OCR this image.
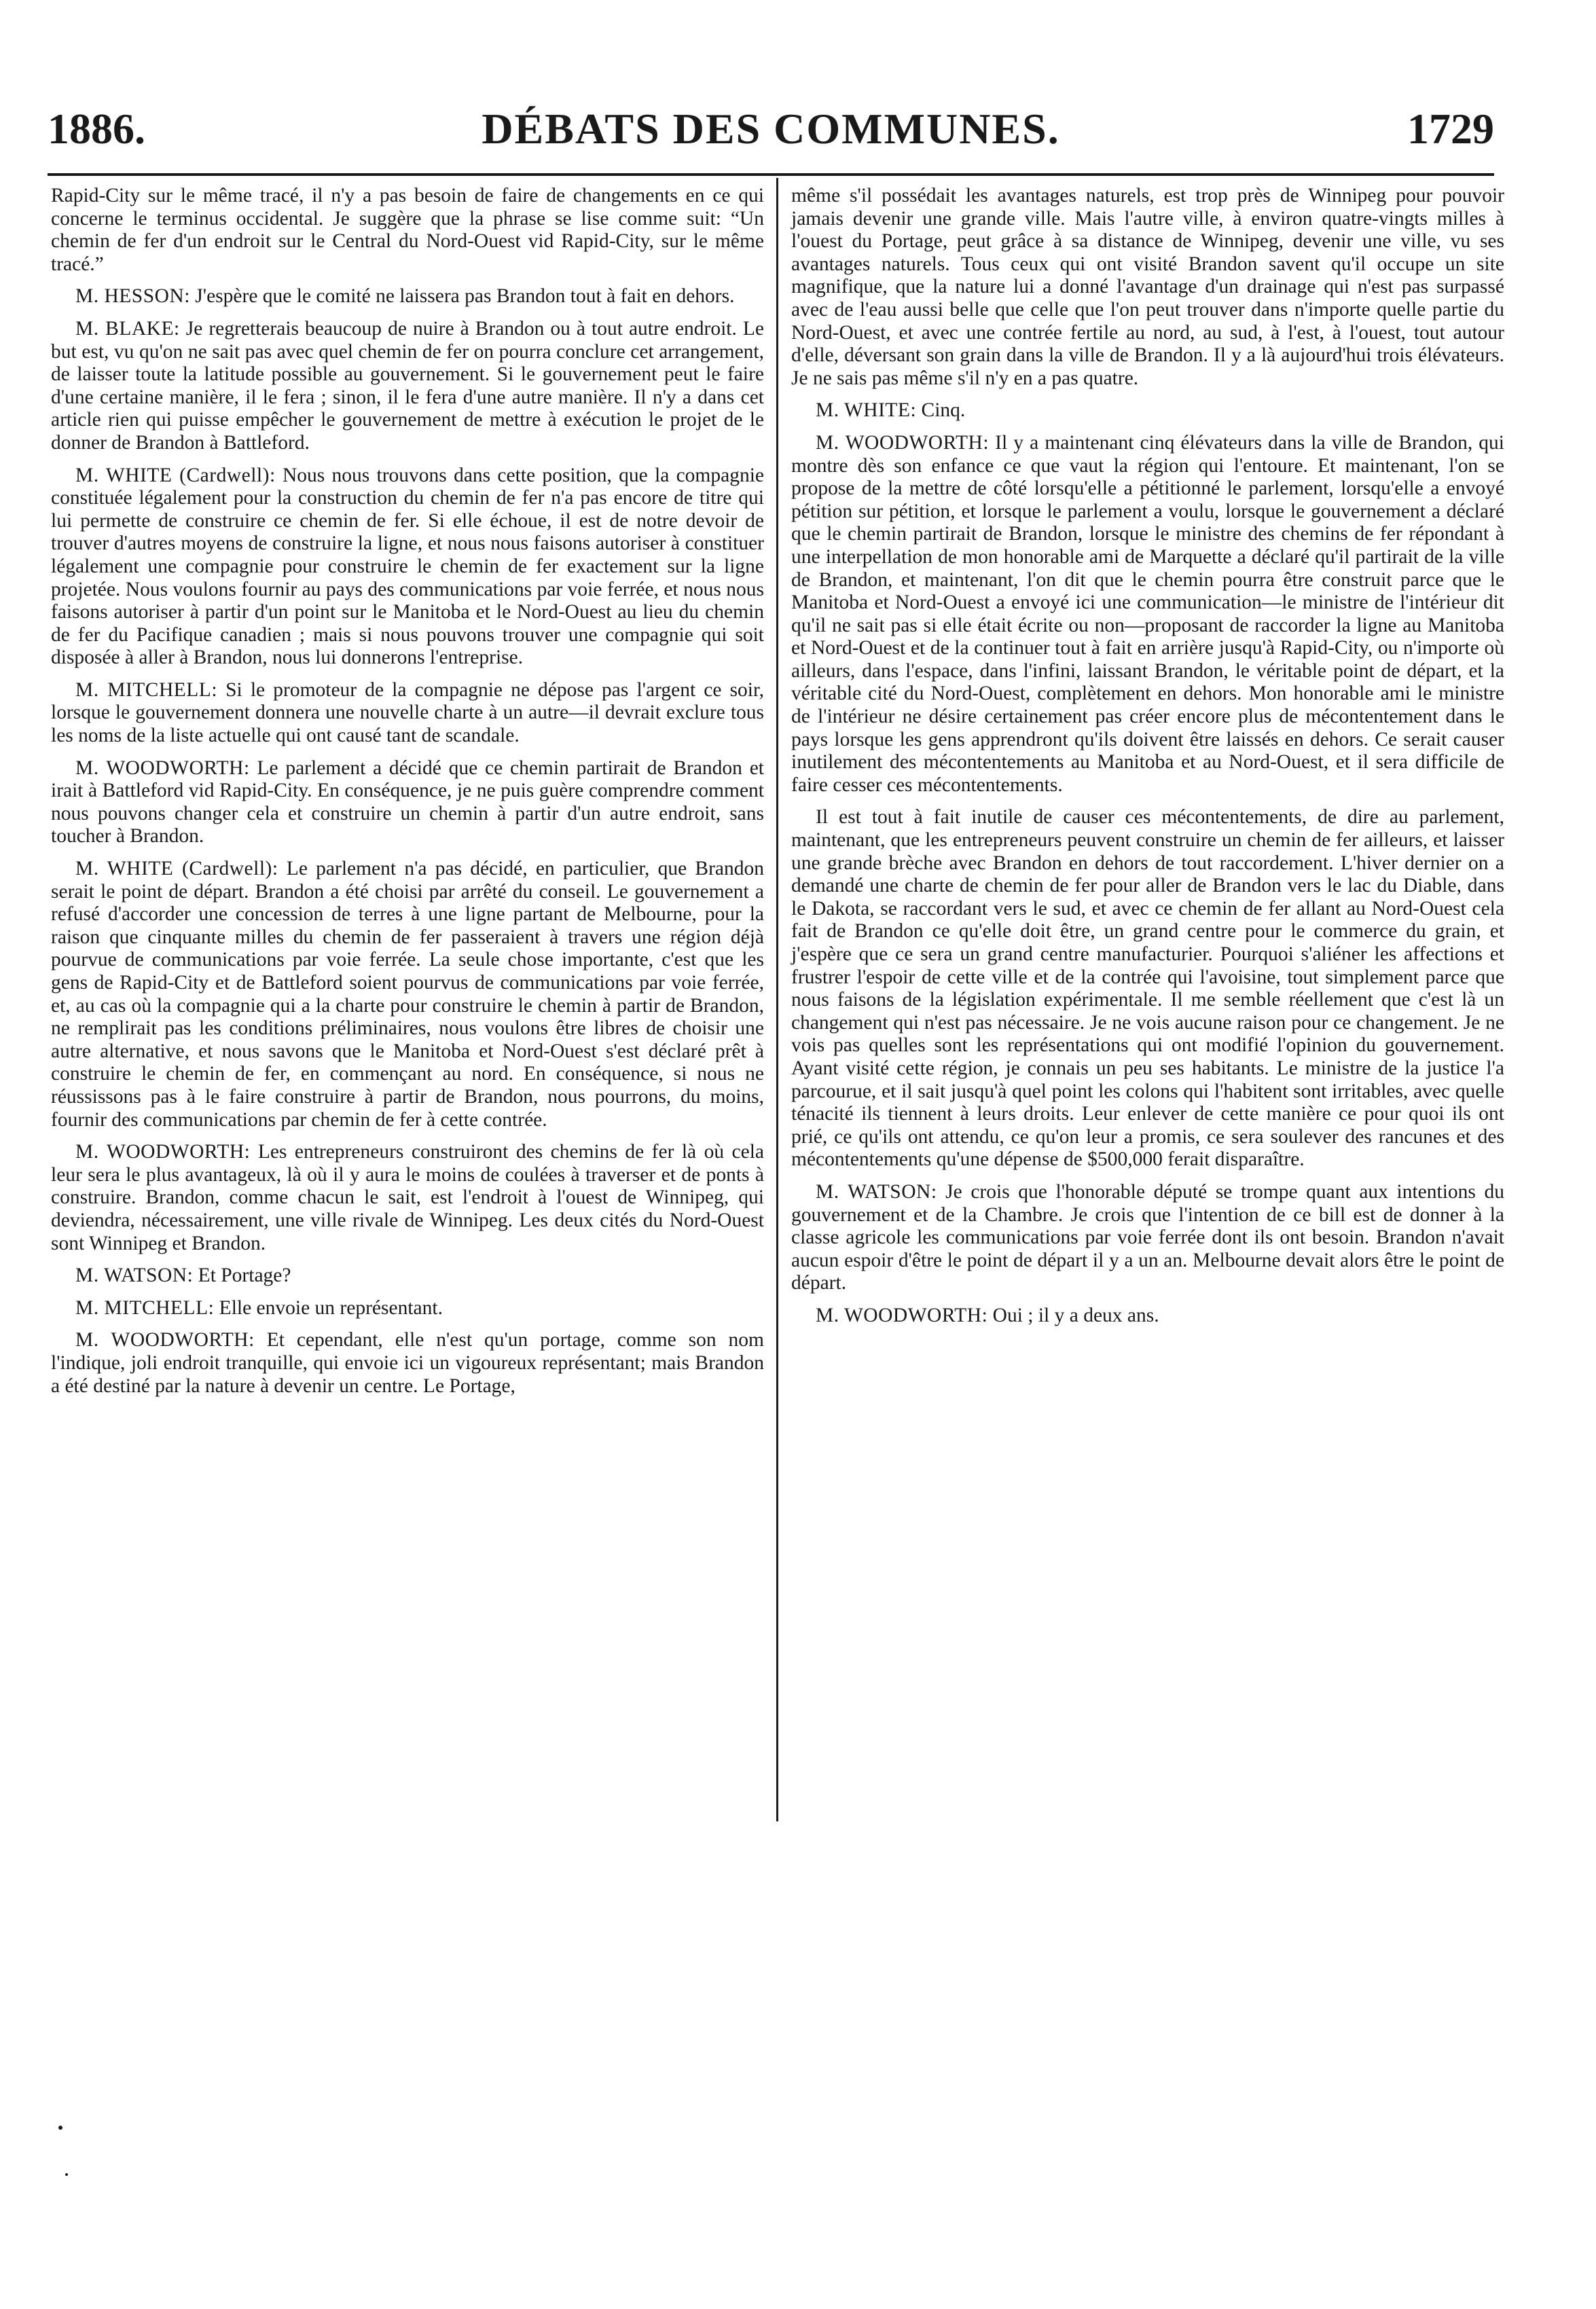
1886.	DÉBATS DES COMMUNES.	1729

Rapid-City sur le même tracé, il n'y a pas besoin de faire de changements en ce qui concerne le terminus occidental. Je suggère que la phrase se lise comme suit: “Un chemin de fer d'un endroit sur le Central du Nord-Ouest vid Rapid-City, sur le même tracé.”

M. HESSON: J'espère que le comité ne laissera pas Brandon tout à fait en dehors.

M. BLAKE: Je regretterais beaucoup de nuire à Brandon ou à tout autre endroit. Le but est, vu qu'on ne sait pas avec quel chemin de fer on pourra conclure cet arrangement, de laisser toute la latitude possible au gouvernement. Si le gouvernement peut le faire d'une certaine manière, il le fera ; sinon, il le fera d'une autre manière. Il n'y a dans cet article rien qui puisse empêcher le gouvernement de mettre à exécution le projet de le donner de Brandon à Battleford.

M. WHITE (Cardwell): Nous nous trouvons dans cette position, que la compagnie constituée légalement pour la construction du chemin de fer n'a pas encore de titre qui lui permette de construire ce chemin de fer. Si elle échoue, il est de notre devoir de trouver d'autres moyens de construire la ligne, et nous nous faisons autoriser à constituer légalement une compagnie pour construire le chemin de fer exactement sur la ligne projetée. Nous voulons fournir au pays des communications par voie ferrée, et nous nous faisons autoriser à partir d'un point sur le Manitoba et le Nord-Ouest au lieu du chemin de fer du Pacifique canadien ; mais si nous pouvons trouver une compagnie qui soit disposée à aller à Brandon, nous lui donnerons l'entreprise.

M. MITCHELL: Si le promoteur de la compagnie ne dépose pas l'argent ce soir, lorsque le gouvernement donnera une nouvelle charte à un autre—il devrait exclure tous les noms de la liste actuelle qui ont causé tant de scandale.

M. WOODWORTH: Le parlement a décidé que ce chemin partirait de Brandon et irait à Battleford vid Rapid-City. En conséquence, je ne puis guère comprendre comment nous pouvons changer cela et construire un chemin à partir d'un autre endroit, sans toucher à Brandon.

M. WHITE (Cardwell): Le parlement n'a pas décidé, en particulier, que Brandon serait le point de départ. Brandon a été choisi par arrêté du conseil. Le gouvernement a refusé d'accorder une concession de terres à une ligne partant de Melbourne, pour la raison que cinquante milles du chemin de fer passeraient à travers une région déjà pourvue de communications par voie ferrée. La seule chose importante, c'est que les gens de Rapid-City et de Battleford soient pourvus de communications par voie ferrée, et, au cas où la compagnie qui a la charte pour construire le chemin à partir de Brandon, ne remplirait pas les conditions préliminaires, nous voulons être libres de choisir une autre alternative, et nous savons que le Manitoba et Nord-Ouest s'est déclaré prêt à construire le chemin de fer, en commençant au nord. En conséquence, si nous ne réussissons pas à le faire construire à partir de Brandon, nous pourrons, du moins, fournir des communications par chemin de fer à cette contrée.

M. WOODWORTH: Les entrepreneurs construiront des chemins de fer là où cela leur sera le plus avantageux, là où il y aura le moins de coulées à traverser et de ponts à construire. Brandon, comme chacun le sait, est l'endroit à l'ouest de Winnipeg, qui deviendra, nécessairement, une ville rivale de Winnipeg. Les deux cités du Nord-Ouest sont Winnipeg et Brandon.

M. WATSON: Et Portage?

M. MITCHELL: Elle envoie un représentant.

M. WOODWORTH: Et cependant, elle n'est qu'un portage, comme son nom l'indique, joli endroit tranquille, qui envoie ici un vigoureux représentant; mais Brandon a été destiné par la nature à devenir un centre. Le Portage,

même s'il possédait les avantages naturels, est trop près de Winnipeg pour pouvoir jamais devenir une grande ville. Mais l'autre ville, à environ quatre-vingts milles à l'ouest du Portage, peut grâce à sa distance de Winnipeg, devenir une ville, vu ses avantages naturels. Tous ceux qui ont visité Brandon savent qu'il occupe un site magnifique, que la nature lui a donné l'avantage d'un drainage qui n'est pas surpassé avec de l'eau aussi belle que celle que l'on peut trouver dans n'importe quelle partie du Nord-Ouest, et avec une contrée fertile au nord, au sud, à l'est, à l'ouest, tout autour d'elle, déversant son grain dans la ville de Brandon. Il y a là aujourd'hui trois élévateurs. Je ne sais pas même s'il n'y en a pas quatre.

M. WHITE: Cinq.

M. WOODWORTH: Il y a maintenant cinq élévateurs dans la ville de Brandon, qui montre dès son enfance ce que vaut la région qui l'entoure. Et maintenant, l'on se propose de la mettre de côté lorsqu'elle a pétitionné le parlement, lorsqu'elle a envoyé pétition sur pétition, et lorsque le parlement a voulu, lorsque le gouvernement a déclaré que le chemin partirait de Brandon, lorsque le ministre des chemins de fer répondant à une interpellation de mon honorable ami de Marquette a déclaré qu'il partirait de la ville de Brandon, et maintenant, l'on dit que le chemin pourra être construit parce que le Manitoba et Nord-Ouest a envoyé ici une communication—le ministre de l'intérieur dit qu'il ne sait pas si elle était écrite ou non—proposant de raccorder la ligne au Manitoba et Nord-Ouest et de la continuer tout à fait en arrière jusqu'à Rapid-City, ou n'importe où ailleurs, dans l'espace, dans l'infini, laissant Brandon, le véritable point de départ, et la véritable cité du Nord-Ouest, complètement en dehors. Mon honorable ami le ministre de l'intérieur ne désire certainement pas créer encore plus de mécontentement dans le pays lorsque les gens apprendront qu'ils doivent être laissés en dehors. Ce serait causer inutilement des mécontentements au Manitoba et au Nord-Ouest, et il sera difficile de faire cesser ces mécontentements.

Il est tout à fait inutile de causer ces mécontentements, de dire au parlement, maintenant, que les entrepreneurs peuvent construire un chemin de fer ailleurs, et laisser une grande brèche avec Brandon en dehors de tout raccordement. L'hiver dernier on a demandé une charte de chemin de fer pour aller de Brandon vers le lac du Diable, dans le Dakota, se raccordant vers le sud, et avec ce chemin de fer allant au Nord-Ouest cela fait de Brandon ce qu'elle doit être, un grand centre pour le commerce du grain, et j'espère que ce sera un grand centre manufacturier. Pourquoi s'aliéner les affections et frustrer l'espoir de cette ville et de la contrée qui l'avoisine, tout simplement parce que nous faisons de la législation expérimentale. Il me semble réellement que c'est là un changement qui n'est pas nécessaire. Je ne vois aucune raison pour ce changement. Je ne vois pas quelles sont les représentations qui ont modifié l'opinion du gouvernement. Ayant visité cette région, je connais un peu ses habitants. Le ministre de la justice l'a parcourue, et il sait jusqu'à quel point les colons qui l'habitent sont irritables, avec quelle ténacité ils tiennent à leurs droits. Leur enlever de cette manière ce pour quoi ils ont prié, ce qu'ils ont attendu, ce qu'on leur a promis, ce sera soulever des rancunes et des mécontentements qu'une dépense de $500,000 ferait disparaître.

M. WATSON: Je crois que l'honorable député se trompe quant aux intentions du gouvernement et de la Chambre. Je crois que l'intention de ce bill est de donner à la classe agricole les communications par voie ferrée dont ils ont besoin. Brandon n'avait aucun espoir d'être le point de départ il y a un an. Melbourne devait alors être le point de départ.

M. WOODWORTH: Oui ; il y a deux ans.
